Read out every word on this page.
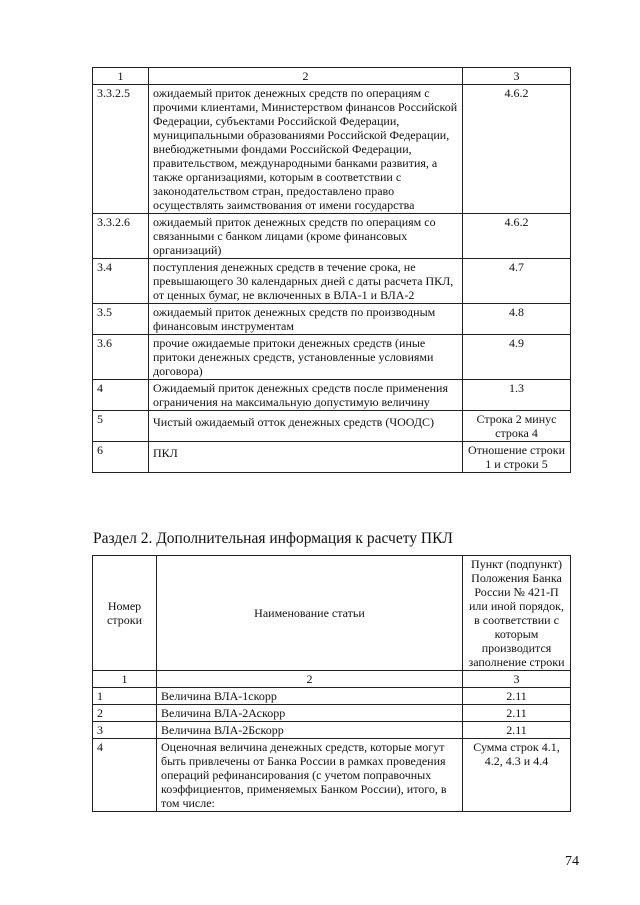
1	2	3
3.3.2.5	ожидаемый приток денежных средств по операциям с прочими клиентами, Министерством финансов Российской Федерации, субъектами Российской Федерации, муниципальными образованиями Российской Федерации, внебюджетными фондами Российской Федерации, правительством, международными банками развития, а также организациями, которым в соответствии с законодательством стран, предоставлено право осуществлять заимствования от имени государства	4.6.2
3.3.2.6	ожидаемый приток денежных средств по операциям со связанными с банком лицами (кроме финансовых организаций)	4.6.2
3.4	поступления денежных средств в течение срока, не превышающего 30 календарных дней с даты расчета ПКЛ, от ценных бумаг, не включенных в ВЛА-1 и ВЛА-2	4.7
3.5	ожидаемый приток денежных средств по производным финансовым инструментам	4.8
3.6	прочие ожидаемые притоки денежных средств (иные притоки денежных средств, установленные условиями договора)	4.9
4	Ожидаемый приток денежных средств после применения ограничения на максимальную допустимую величину	1.3
5	Чистый ожидаемый отток денежных средств (ЧООДС)	Строка 2 минус строка 4
6	ПКЛ	Отношение строки 1 и строки 5
Раздел 2. Дополнительная информация к расчету ПКЛ
Номер строки	Наименование статьи	Пункт (подпункт) Положения Банка России № 421-П или иной порядок, в соответствии с которым производится заполнение строки
1	2	3
1	Величина ВЛА-1скорр	2.11
2	Величина ВЛА-2Аскорр	2.11
3	Величина ВЛА-2Бскорр	2.11
4	Оценочная величина денежных средств, которые могут быть привлечены от Банка России в рамках проведения операций рефинансирования (с учетом поправочных коэффициентов, применяемых Банком России), итого, в том числе:	Сумма строк 4.1, 4.2, 4.3 и 4.4
74
